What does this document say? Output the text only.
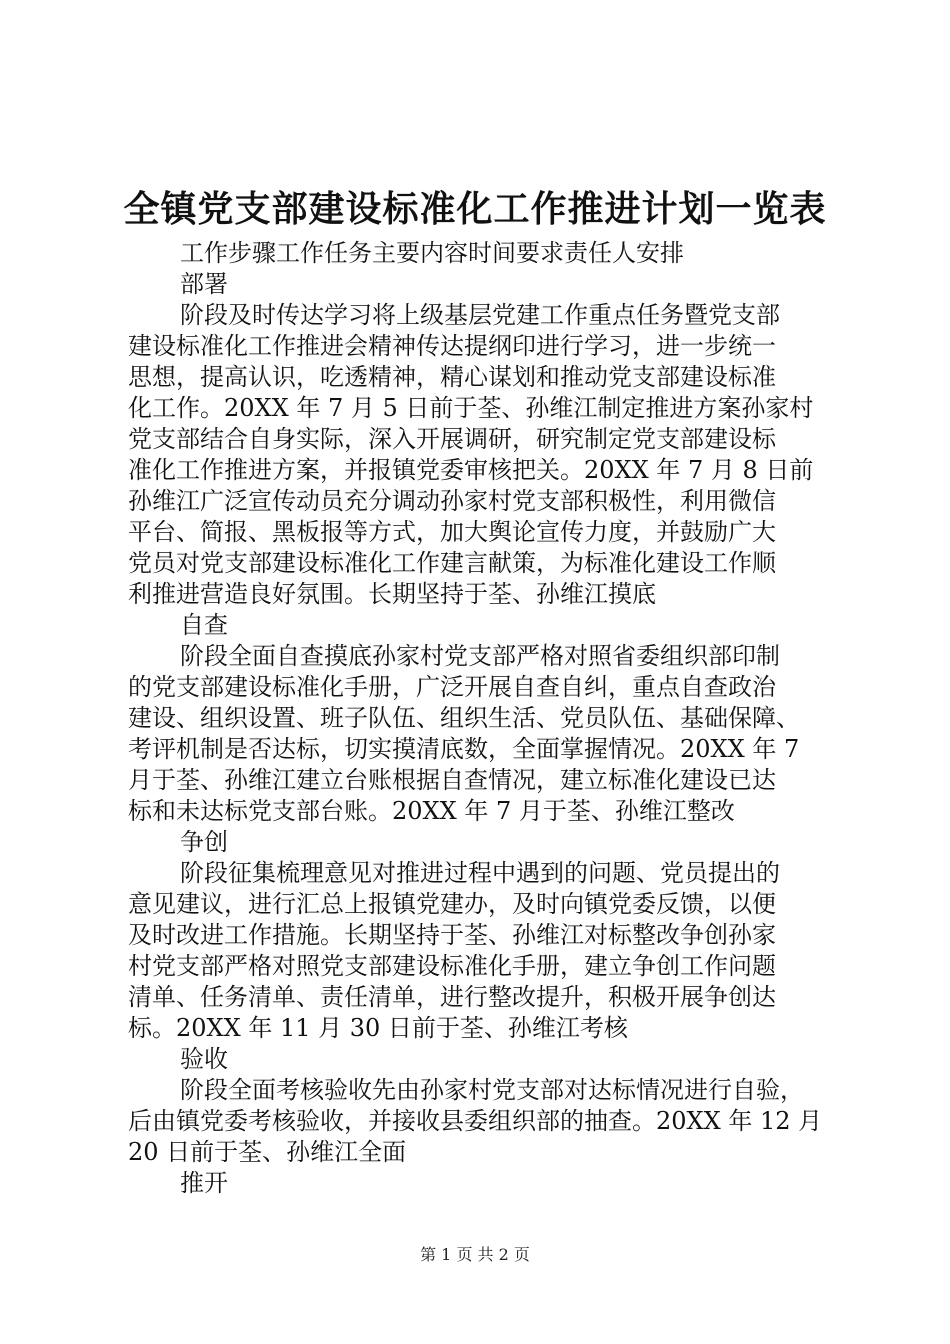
全镇党支部建设标准化工作推进计划一览表
工作步骤工作任务主要内容时间要求责任人安排
部署
阶段及时传达学习将上级基层党建工作重点任务暨党支部
建设标准化工作推进会精神传达提纲印进行学习，进一步统一
思想，提高认识，吃透精神，精心谋划和推动党支部建设标准
化工作。20XX 年 7 月 5 日前于荃、孙维江制定推进方案孙家村
党支部结合自身实际，深入开展调研，研究制定党支部建设标
准化工作推进方案，并报镇党委审核把关。20XX 年 7 月 8 日前
孙维江广泛宣传动员充分调动孙家村党支部积极性，利用微信
平台、简报、黑板报等方式，加大舆论宣传力度，并鼓励广大
党员对党支部建设标准化工作建言献策，为标准化建设工作顺
利推进营造良好氛围。长期坚持于荃、孙维江摸底
自查
阶段全面自查摸底孙家村党支部严格对照省委组织部印制
的党支部建设标准化手册，广泛开展自查自纠，重点自查政治
建设、组织设置、班子队伍、组织生活、党员队伍、基础保障、
考评机制是否达标，切实摸清底数，全面掌握情况。20XX 年 7
月于荃、孙维江建立台账根据自查情况，建立标准化建设已达
标和未达标党支部台账。20XX 年 7 月于荃、孙维江整改
争创
阶段征集梳理意见对推进过程中遇到的问题、党员提出的
意见建议，进行汇总上报镇党建办，及时向镇党委反馈，以便
及时改进工作措施。长期坚持于荃、孙维江对标整改争创孙家
村党支部严格对照党支部建设标准化手册，建立争创工作问题
清单、任务清单、责任清单，进行整改提升，积极开展争创达
标。20XX 年 11 月 30 日前于荃、孙维江考核
验收
阶段全面考核验收先由孙家村党支部对达标情况进行自验，
后由镇党委考核验收，并接收县委组织部的抽查。20XX 年 12 月
20 日前于荃、孙维江全面
推开
第 1 页 共 2 页
